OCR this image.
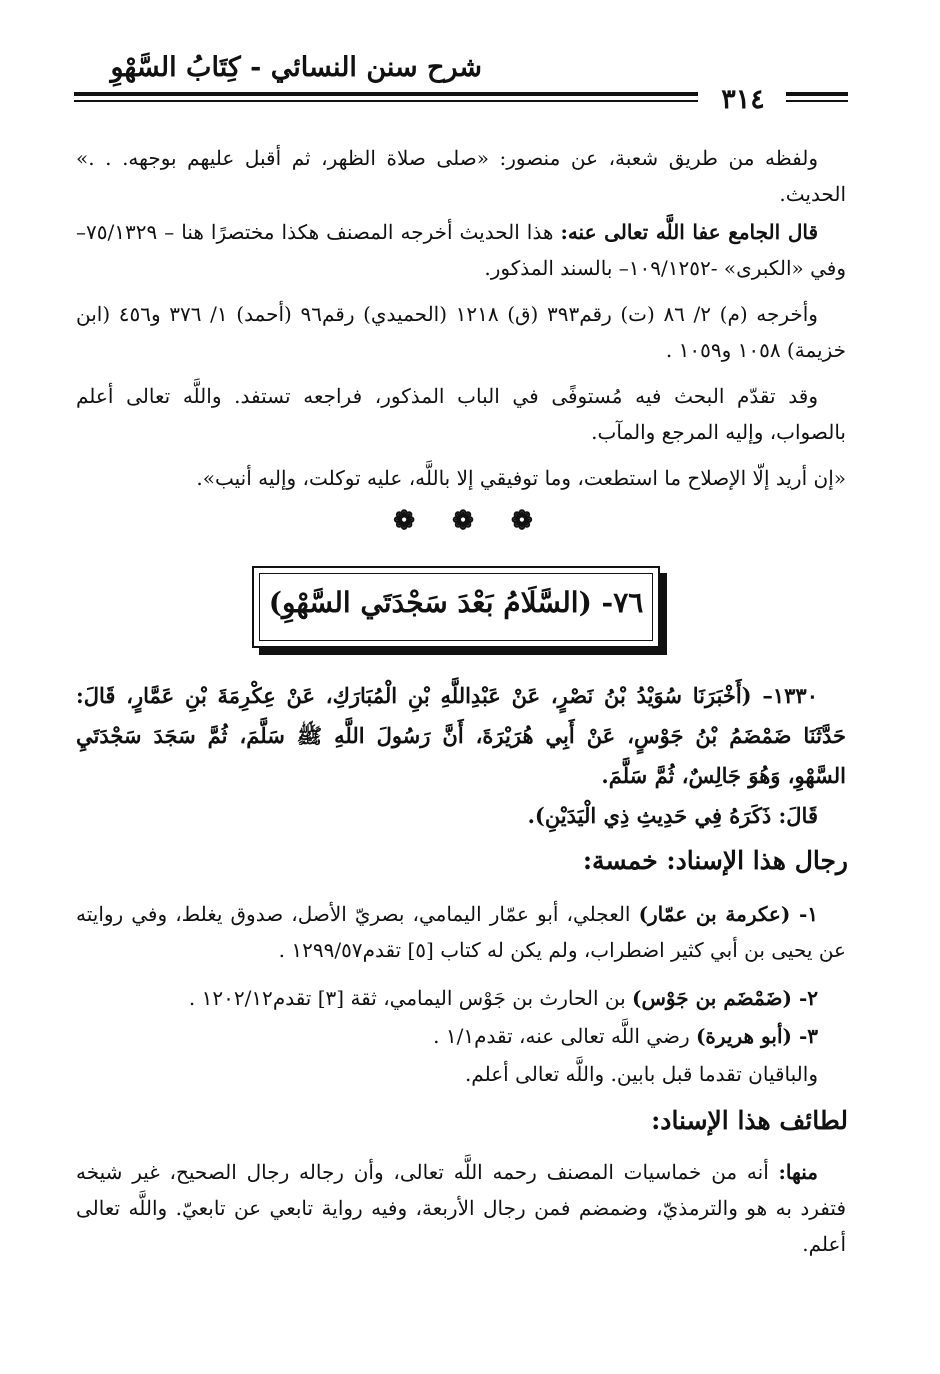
شرح سنن النسائي - كِتَابُ السَّهْوِ
٣١٤

ولفظه من طريق شعبة، عن منصور: «صلى صلاة الظهر، ثم أقبل عليهم بوجهه. . .» الحديث.

قال الجامع عفا اللَّه تعالى عنه: هذا الحديث أخرجه المصنف هكذا مختصرًا هنا – ٧٥/١٣٢٩– وفي «الكبرى» -١٠٩/١٢٥٢– بالسند المذكور.

وأخرجه (م) ٢/ ٨٦ (ت) رقم٣٩٣ (ق) ١٢١٨ (الحميدي) رقم٩٦ (أحمد) ١/ ٣٧٦ و٤٥٦ (ابن خزيمة) ١٠٥٨ و١٠٥٩ .

وقد تقدّم البحث فيه مُستوفًى في الباب المذكور، فراجعه تستفد. واللَّه تعالى أعلم بالصواب، وإليه المرجع والمآب.

«إن أريد إلّا الإصلاح ما استطعت، وما توفيقي إلا باللَّه، عليه توكلت، وإليه أنيب».

❁ ❁ ❁
٧٦- (السَّلَامُ بَعْدَ سَجْدَتَي السَّهْوِ)

١٣٣٠– (أَخْبَرَنَا سُوَيْدُ بْنُ نَصْرٍ، عَنْ عَبْدِاللَّهِ بْنِ الْمُبَارَكِ، عَنْ عِكْرِمَةَ بْنِ عَمَّارٍ، قَالَ: حَدَّثَنَا ضَمْضَمُ بْنُ جَوْسٍ، عَنْ أَبِي هُرَيْرَةَ، أَنَّ رَسُولَ اللَّهِ ﷺ سَلَّمَ، ثُمَّ سَجَدَ سَجْدَتَيِ السَّهْوِ، وَهُوَ جَالِسٌ، ثُمَّ سَلَّمَ.

قَالَ: ذَكَرَهُ فِي حَدِيثِ ذِي الْيَدَيْنِ).

رجال هذا الإسناد: خمسة:

١- (عكرمة بن عمّار) العجلي، أبو عمّار اليمامي، بصريّ الأصل، صدوق يغلط، وفي روايته عن يحيى بن أبي كثير اضطراب، ولم يكن له كتاب [٥] تقدم١٢٩٩/٥٧ .

٢- (ضَمْضَم بن جَوْس) بن الحارث بن جَوْس اليمامي، ثقة [٣] تقدم١٢٠٢/١٢ .

٣- (أبو هريرة) رضي اللَّه تعالى عنه، تقدم١/١ .

والباقيان تقدما قبل بابين. واللَّه تعالى أعلم.

لطائف هذا الإسناد:

منها: أنه من خماسيات المصنف رحمه اللَّه تعالى، وأن رجاله رجال الصحيح، غير شيخه فتفرد به هو والترمذيّ، وضمضم فمن رجال الأربعة، وفيه رواية تابعي عن تابعيّ. واللَّه تعالى أعلم.
